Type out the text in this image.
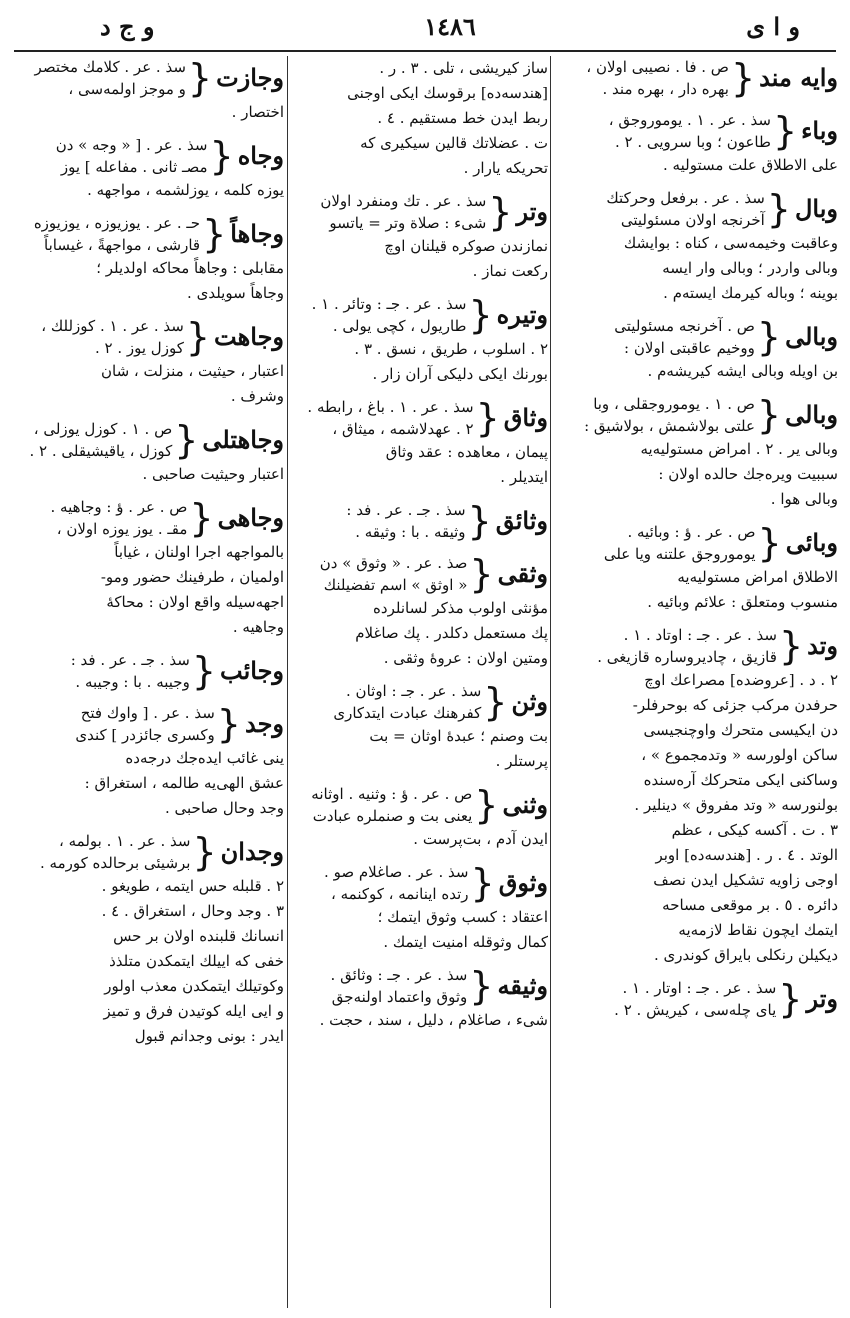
و ا ی
١٤٨٦
و ج د
وایه مند
{
ص . فا . نصیبی اولان ،
بهره دار ، بهره مند .
وباء
{
سذ . عر . ١ . یوموروجق ،
طاعون ؛ وبا سرویی . ٢ .
علی الاطلاق علت مستولیه .
وبال
{
سذ . عر . برفعل وحرکتك
آخرنجه اولان مسئولیتی
وعاقبت وخیمه‌سی ، کناه : بوایشك
وبالی واردر ؛ وبالی وار ایسه
بوینه ؛ وباله کیرمك ایسته‌م .
وبالی
{
ص . آخرنجه مسئولیتی
ووخیم عاقبتی اولان :
بن اویله وبالی ایشه کیریشه‌م .
وبالی
{
ص . ١ . یوموروجقلی ، وبا
علتی بولاشمش ، بولاشیق :
وبالی یر . ٢ . امراض مستولیه‌یه
سببیت ویره‌جك حالده اولان :
وبالی هوا .
وبائی
{
ص . عر . ؤ : وبائیه .
یوموروجق علتنه ویا علی
الاطلاق امراض مستولیه‌یه
منسوب ومتعلق : علائم وبائیه .
وتد
{
سذ . عر . جـ : اوتاد . ١ .
قازیق ، چادیروساره قازیغی .
٢ . د . [عروضده] مصراعك اوچ
حرفدن مرکب جزئی که بوحرفلر-
دن ایکیسی متحرك واوچنجیسی
ساکن اولورسه « وتدمجموع » ،
وساکنی ایکی متحرکك آره‌سنده
بولنورسه « وتد مفروق » دینلیر .
٣ . ت . آکسه کیکی ، عظم
الوتد . ٤ . ر . [هندسه‌ده] اوبر
اوجی زاویه تشکیل ایدن نصف
دائره . ٥ . بر موقعی مساحه
ایتمك ایچون نقاط لازمه‌یه
دیکیلن رنکلی بایراق کوندری .
وتر
{
سذ . عر . جـ : اوتار . ١ .
یای چله‌سی ، کیریش . ٢ .
ساز کیریشی ، تلی . ٣ . ر .
[هندسه‌ده] برقوسك ایکی اوجنی
ربط ایدن خط مستقیم . ٤ .
ت . عضلاتك قالین سیکیری که
تحریکه یارار .
وتر
{
سذ . عر . تك ومنفرد اولان
شیء : صلاة وتر = یاتسو
نمازندن صوکره قیلنان اوچ
رکعت نماز .
وتیره
{
سذ . عر . جـ : وتائر . ١ .
طاریول ، کچی یولی .
٢ . اسلوب ، طریق ، نسق . ٣ .
بورنك ایکی دلیکی آران زار .
وثاق
{
سذ . عر . ١ . باغ ، رابطه .
٢ . عهدلاشمه ، میثاق ،
پیمان ، معاهده : عقد وثاق
ایتدیلر .
وثائق
{
سذ . جـ . عر . فد :
وثیقه . با : وثیقه .
وثقی
{
صذ . عر . « وثوق » دن
« اوثق » اسم تفضیلنك
مؤنثی اولوب مذکر لسانلرده
پك مستعمل دکلدر . پك صاغلام
ومتین اولان : عروهٔ وثقی .
وثن
{
سذ . عر . جـ : اوثان .
کفرهنك عبادت ایتدکاری
بت وصنم ؛ عبدهٔ اوثان = بت
پرستلر .
وثنی
{
ص . عر . ؤ : وثنیه . اوثانه
یعنی بت و صنملره عبادت
ایدن آدم ، بت‌پرست .
وثوق
{
سذ . عر . صاغلام صو .
رتده اینانمه ، کوکنمه ،
اعتقاد : کسب وثوق ایتمك ؛
کمال وثوقله امنیت ایتمك .
وثیقه
{
سذ . عر . جـ : وثائق .
وثوق واعتماد اولنه‌جق
شیء ، صاغلام ، دلیل ، سند ، حجت .
وجازت
{
سذ . عر . کلامك مختصر
و موجز اولمه‌سی ،
اختصار .
وجاه
{
سذ . عر . [ « وجه » دن
مصـ ثانی . مفاعله ] یوز
یوزه کلمه ، یوزلشمه ، مواجهه .
وجاهاً
{
حـ . عر . یوزیوزه ، یوزیوزه
قارشی ، مواجهةً ، غیساباً
مقابلی : وجاهاً محاکه اولدیلر ؛
وجاهاً سویلدی .
وجاهت
{
سذ . عر . ١ . کوزللك ،
کوزل یوز . ٢ .
اعتبار ، حیثیت ، منزلت ، شان
وشرف .
وجاهتلی
{
ص . ١ . کوزل یوزلی ،
کوزل ، یاقیشیقلی . ٢ .
اعتبار وحیثیت صاحبی .
وجاهی
{
ص . عر . ؤ : وجاهیه .
مقـ . یوز یوزه اولان ،
بالمواجهه اجرا اولنان ، غیاباً
اولمیان ، طرفینك حضور ومو-
اجهه‌سیله واقع اولان : محاکهٔ
وجاهیه .
وجائب
{
سذ . جـ . عر . فد :
وجیبه . با : وجیبه .
وجد
{
سذ . عر . [ واوك فتح
وکسری جائزدر ] کندی
ینی غائب ایده‌جك درجه‌ده
عشق الهی‌یه طالمه ، استغراق :
وجد وحال صاحبی .
وجدان
{
سذ . عر . ١ . بولمه ،
برشیئی برحالده کورمه .
٢ . قلبله حس ایتمه ، طویغو .
٣ . وجد وحال ، استغراق . ٤ .
انسانك قلبنده اولان بر حس
خفی که اییلك ایتمکدن متلذذ
وکوتیلك ایتمکدن معذب اولور
و ایی ایله کوتیدن فرق و تمیز
ایدر : بونی وجدانم قبول
